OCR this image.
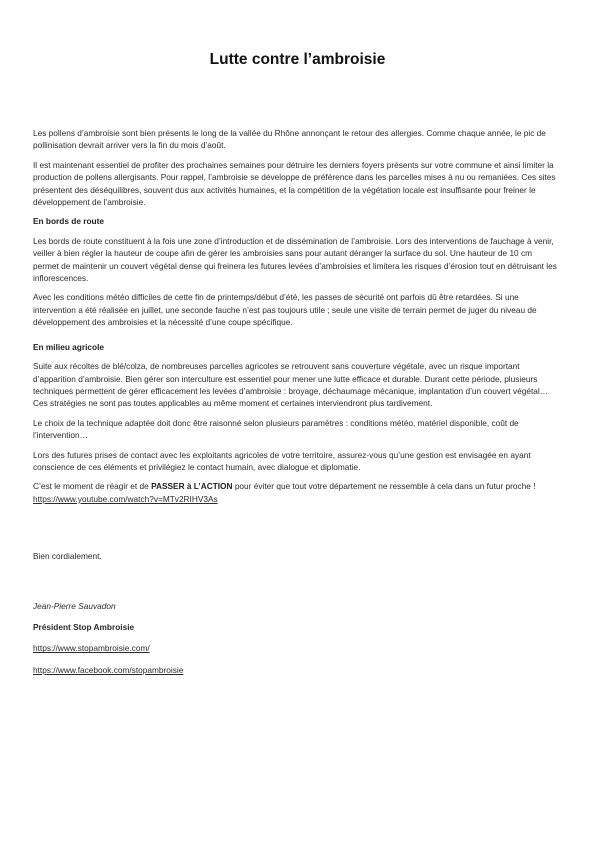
Lutte contre l’ambroisie

Les pollens d’ambroisie sont bien présents le long de la vallée du Rhône annonçant le retour des allergies. Comme chaque année, le pic de pollinisation devrait arriver vers la fin du mois d’août.

Il est maintenant essentiel de profiter des prochaines semaines pour détruire les derniers foyers présents sur votre commune et ainsi limiter la production de pollens allergisants. Pour rappel, l’ambroisie se développe de préférence dans les parcelles mises à nu ou remaniées. Ces sites présentent des déséquilibres, souvent dus aux activités humaines, et la compétition de la végétation locale est insuffisante pour freiner le développement de l’ambroisie.

En bords de route

Les bords de route constituent à la fois une zone d’introduction et de dissémination de l’ambroisie. Lors des interventions de fauchage à venir, veiller à bien régler la hauteur de coupe afin de gérer les ambroisies sans pour autant déranger la surface du sol. Une hauteur de 10 cm permet de maintenir un couvert végétal dense qui freinera les futures levées d’ambroisies et limitera les risques d’érosion tout en détruisant les inflorescences.

Avec les conditions météo difficiles de cette fin de printemps/début d’été, les passes de sécurité ont parfois dû être retardées. Si une intervention a été réalisée en juillet, une seconde fauche n’est pas toujours utile ; seule une visite de terrain permet de juger du niveau de développement des ambroisies et la nécessité d’une coupe spécifique.

En milieu agricole

Suite aux récoltes de blé/colza, de nombreuses parcelles agricoles se retrouvent sans couverture végétale, avec un risque important d’apparition d’ambroisie. Bien gérer son interculture est essentiel pour mener une lutte efficace et durable. Durant cette période, plusieurs techniques permettent de gérer efficacement les levées d’ambroisie : broyage, déchaumage mécanique, implantation d’un couvert végétal… Ces stratégies ne sont pas toutes applicables au même moment et certaines interviendront plus tardivement.

Le choix de la technique adaptée doit donc être raisonné selon plusieurs paramètres : conditions météo, matériel disponible, coût de l’intervention…

Lors des futures prises de contact avec les exploitants agricoles de votre territoire, assurez-vous qu’une gestion est envisagée en ayant conscience de ces éléments et privilégiez le contact humain, avec dialogue et diplomatie.

C’est le moment de réagir et de PASSER à L’ACTION pour éviter que tout votre département ne ressemble à cela dans un futur proche ! https://www.youtube.com/watch?v=MTv2RIHV3As

Bien cordialement.

Jean-Pierre Sauvadon
Président Stop Ambroisie
https://www.stopambroisie.com/
https://www.facebook.com/stopambroisie
